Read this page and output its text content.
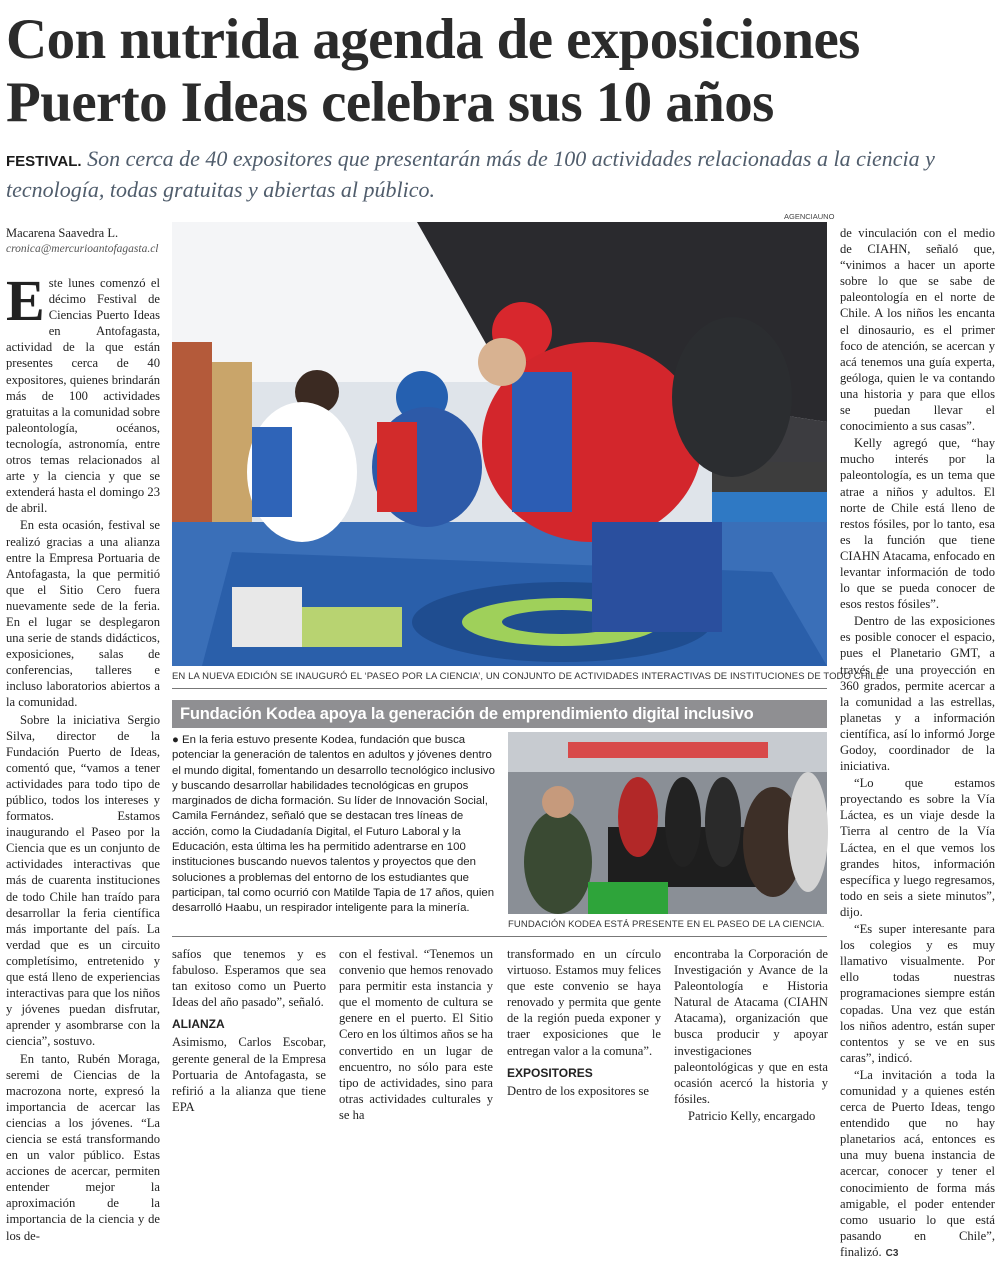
Con nutrida agenda de exposiciones
Puerto Ideas celebra sus 10 años
FESTIVAL. Son cerca de 40 expositores que presentarán más de 100 actividades relacionadas a la ciencia y tecnología, todas gratuitas y abiertas al público.
Macarena Saavedra L.
cronica@mercurioantofagasta.cl

Este lunes comenzó el décimo Festival de Ciencias Puerto Ideas en Antofagasta, actividad de la que están presentes cerca de 40 expositores, quienes brindarán más de 100 actividades gratuitas a la comunidad sobre paleontología, océanos, tecnología, astronomía, entre otros temas relacionados al arte y la ciencia y que se extenderá hasta el domingo 23 de abril.

En esta ocasión, festival se realizó gracias a una alianza entre la Empresa Portuaria de Antofagasta, la que permitió que el Sitio Cero fuera nuevamente sede de la feria. En el lugar se desplegaron una serie de stands didácticos, exposiciones, salas de conferencias, talleres e incluso laboratorios abiertos a la comunidad.

Sobre la iniciativa Sergio Silva, director de la Fundación Puerto de Ideas, comentó que, “vamos a tener actividades para todo tipo de público, todos los intereses y formatos. Estamos inaugurando el Paseo por la Ciencia que es un conjunto de actividades interactivas que más de cuarenta instituciones de todo Chile han traído para desarrollar la feria científica más importante del país. La verdad que es un circuito completísimo, entretenido y que está lleno de experiencias interactivas para que los niños y jóvenes puedan disfrutar, aprender y asombrarse con la ciencia”, sostuvo.

En tanto, Rubén Moraga, seremi de Ciencias de la macrozona norte, expresó la importancia de acercar las ciencias a los jóvenes. “La ciencia se está transformando en un valor público. Estas acciones de acercar, permiten entender mejor la aproximación de la importancia de la ciencia y de los de-

AGENCIAUNO
EN LA NUEVA EDICIÓN SE INAUGURÓ EL ‘PASEO POR LA CIENCIA’, UN CONJUNTO DE ACTIVIDADES INTERACTIVAS DE INSTITUCIONES DE TODO CHILE.
Fundación Kodea apoya la generación de emprendimiento digital inclusivo
● En la feria estuvo presente Kodea, fundación que busca potenciar la generación de talentos en adultos y jóvenes dentro el mundo digital, fomentando un desarrollo tecnológico inclusivo y buscando desarrollar habilidades tecnológicas en grupos marginados de dicha formación. Su líder de Innovación Social, Camila Fernández, señaló que se destacan tres líneas de acción, como la Ciudadanía Digital, el Futuro Laboral y la Educación, esta última les ha permitido adentrarse en 100 instituciones buscando nuevos talentos y proyectos que den soluciones a problemas del entorno de los estudiantes que participan, tal como ocurrió con Matilde Tapia de 17 años, quien desarrolló Haabu, un respirador inteligente para la minería.
FUNDACIÓN KODEA ESTÁ PRESENTE EN EL PASEO DE LA CIENCIA.

safíos que tenemos y es fabuloso. Esperamos que sea tan exitoso como un Puerto Ideas del año pasado”, señaló.

ALIANZA

Asimismo, Carlos Escobar, gerente general de la Empresa Portuaria de Antofagasta, se refirió a la alianza que tiene EPA

con el festival. “Tenemos un convenio que hemos renovado para permitir esta instancia y que el momento de cultura se genere en el puerto. El Sitio Cero en los últimos años se ha convertido en un lugar de encuentro, no sólo para este tipo de actividades, sino para otras actividades culturales y se ha

transformado en un círculo virtuoso. Estamos muy felices que este convenio se haya renovado y permita que gente de la región pueda exponer y traer exposiciones que le entregan valor a la comuna”.

EXPOSITORES

Dentro de los expositores se

encontraba la Corporación de Investigación y Avance de la Paleontología e Historia Natural de Atacama (CIAHN Atacama), organización que busca producir y apoyar investigaciones paleontológicas y que en esta ocasión acercó la historia y fósiles.

Patricio Kelly, encargado

de vinculación con el medio de CIAHN, señaló que, “vinimos a hacer un aporte sobre lo que se sabe de paleontología en el norte de Chile. A los niños les encanta el dinosaurio, es el primer foco de atención, se acercan y acá tenemos una guía experta, geóloga, quien le va contando una historia y para que ellos se puedan llevar el conocimiento a sus casas”.

Kelly agregó que, “hay mucho interés por la paleontología, es un tema que atrae a niños y adultos. El norte de Chile está lleno de restos fósiles, por lo tanto, esa es la función que tiene CIAHN Atacama, enfocado en levantar información de todo lo que se pueda conocer de esos restos fósiles”.

Dentro de las exposiciones es posible conocer el espacio, pues el Planetario GMT, a través de una proyección en 360 grados, permite acercar a la comunidad a las estrellas, planetas y a información científica, así lo informó Jorge Godoy, coordinador de la iniciativa.

“Lo que estamos proyectando es sobre la Vía Láctea, es un viaje desde la Tierra al centro de la Vía Láctea, en el que vemos los grandes hitos, información específica y luego regresamos, todo en seis a siete minutos”, dijo.

“Es super interesante para los colegios y es muy llamativo visualmente. Por ello todas nuestras programaciones siempre están copadas. Una vez que están los niños adentro, están super contentos y se ve en sus caras”, indicó.

“La invitación a toda la comunidad y a quienes estén cerca de Puerto Ideas, tengo entendido que no hay planetarios acá, entonces es una muy buena instancia de acercar, conocer y tener el conocimiento de forma más amigable, el poder entender como usuario lo que está pasando en Chile”, finalizó. C3
